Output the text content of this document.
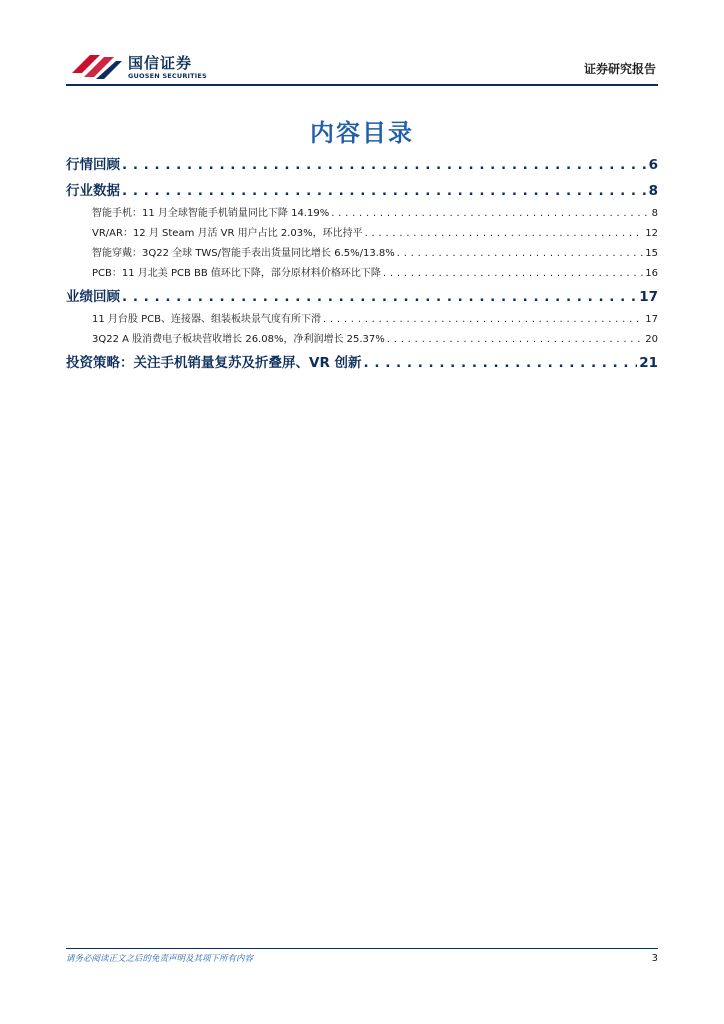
国信证券
GUOSEN SECURITIES	证券研究报告
内容目录
行情回顾 . . .	6
行业数据 . . .	8
智能手机：11 月全球智能手机销量同比下降 14.19% . . .	8
VR/AR：12 月 Steam 月活 VR 用户占比 2.03%，环比持平 . . .	12
智能穿戴：3Q22 全球 TWS/智能手表出货量同比增长 6.5%/13.8% . . .	15
PCB：11 月北美 PCB BB 值环比下降，部分原材料价格环比下降 . . .	16
业绩回顾 . . .	17
11 月台股 PCB、连接器、组装板块景气度有所下滑 . . .	17
3Q22 A 股消费电子板块营收增长 26.08%，净利润增长 25.37% . . .	20
投资策略：关注手机销量复苏及折叠屏、VR 创新 . . .	21
请务必阅读正文之后的免责声明及其项下所有内容	3
